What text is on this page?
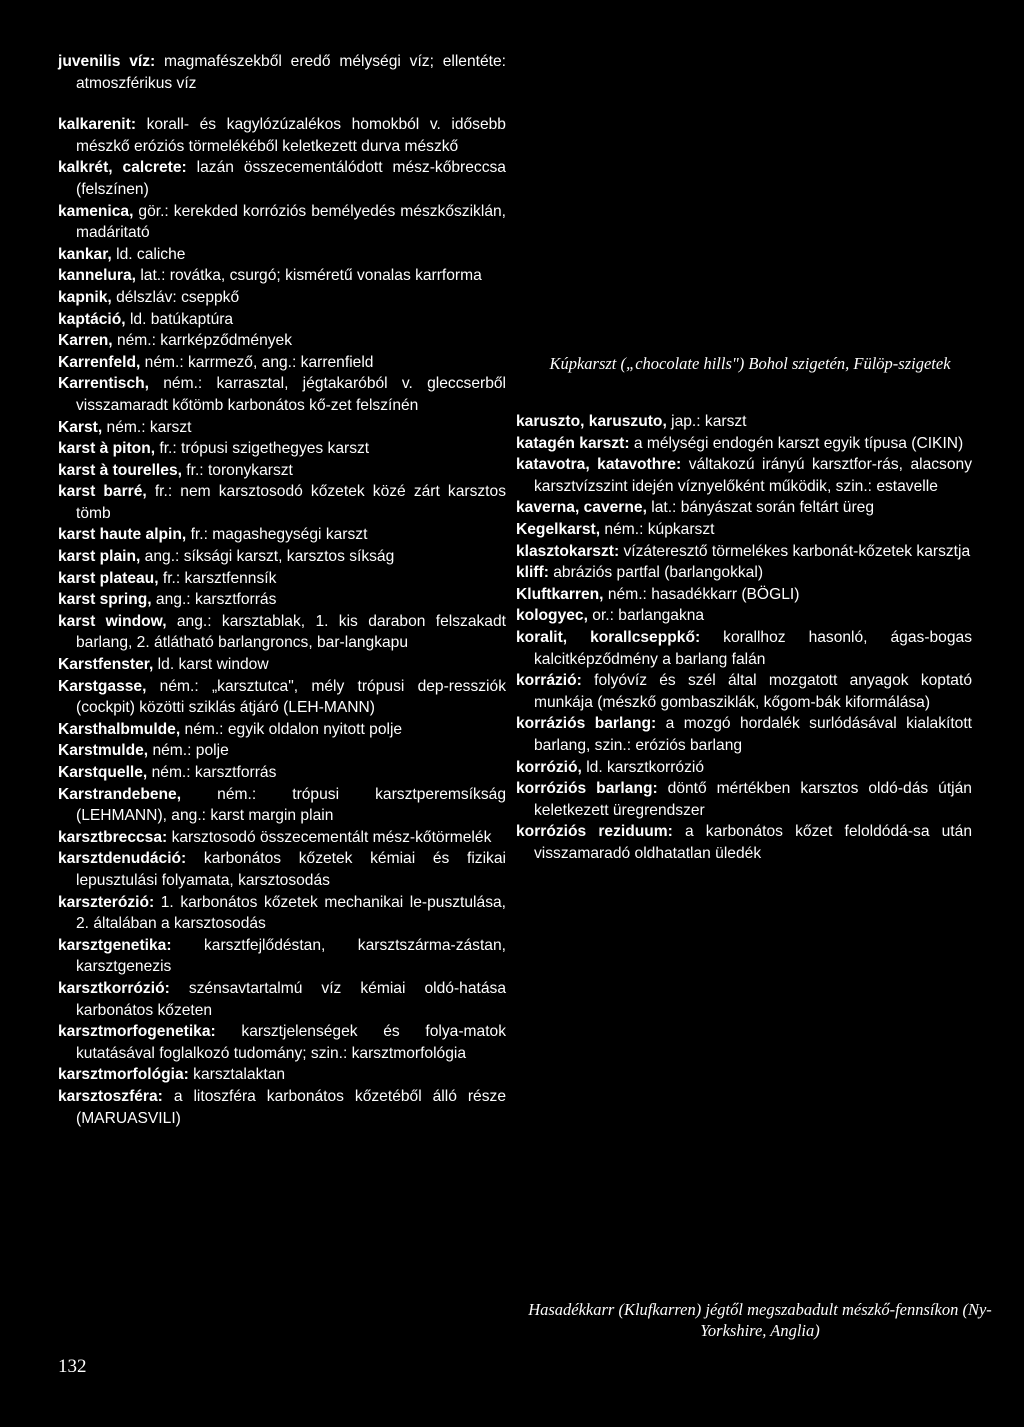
juvenilis víz: magmafészekből eredő mélységi víz; ellentéte: atmoszférikus víz

kalkarenit: korall- és kagylózúzalékos homokból v. idősebb mészkő eróziós törmelékéből keletkezett durva mészkő

kalkrét, calcrete: lazán összecementálódott mész-kőbreccsa (felszínen)

kamenica, gör.: kerekded korróziós bemélyedés mészkősziklán, madáritató

kankar, ld. caliche

kannelura, lat.: rovátka, csurgó; kisméretű vonalas karrforma

kapnik, délszláv: cseppkő

kaptáció, ld. batúkaptúra

Karren, ném.: karrképződmények

Karrenfeld, ném.: karrmező, ang.: karrenfield

Karrentisch, ném.: karrasztal, jégtakaróból v. gleccserből visszamaradt kőtömb karbonátos kő-zet felszínén

Karst, ném.: karszt

karst à piton, fr.: trópusi szigethegyes karszt

karst à tourelles, fr.: toronykarszt

karst barré, fr.: nem karsztosodó kőzetek közé zárt karsztos tömb

karst haute alpin, fr.: magashegységi karszt

karst plain, ang.: síksági karszt, karsztos síkság

karst plateau, fr.: karsztfennsík

karst spring, ang.: karsztforrás

karst window, ang.: karsztablak, 1. kis darabon felszakadt barlang, 2. átlátható barlangroncs, bar-langkapu

Karstfenster, ld. karst window

Karstgasse, ném.: „karsztutca", mély trópusi dep-ressziók (cockpit) közötti sziklás átjáró (LEH-MANN)

Karsthalbmulde, ném.: egyik oldalon nyitott polje

Karstmulde, ném.: polje

Karstquelle, ném.: karsztforrás

Karstrandebene, ném.: trópusi karsztperemsíkság (LEHMANN), ang.: karst margin plain

karsztbreccsa: karsztosodó összecementált mész-kőtörmelék

karsztdenudáció: karbonátos kőzetek kémiai és fizikai lepusztulási folyamata, karsztosodás

karszterózió: 1. karbonátos kőzetek mechanikai le-pusztulása, 2. általában a karsztosodás

karsztgenetika: karsztfejlődéstan, karsztszárma-zástan, karsztgenezis

karsztkorrózió: szénsavtartalmú víz kémiai oldó-hatása karbonátos kőzeten

karsztmorfogenetika: karsztjelenségek és folya-matok kutatásával foglalkozó tudomány; szin.: karsztmorfológia

karsztmorfológia: karsztalaktan

karsztoszféra: a litoszféra karbonátos kőzetéből álló része (MARUASVILI)

Kúpkarszt („chocolate hills") Bohol szigetén, Fülöp-szigetek

karuszto, karuszuto, jap.: karszt

katagén karszt: a mélységi endogén karszt egyik típusa (CIKIN)

katavotra, katavothre: váltakozú irányú karsztfor-rás, alacsony karsztvízszint idején víznyelőként működik, szin.: estavelle

kaverna, caverne, lat.: bányászat során feltárt üreg

Kegelkarst, ném.: kúpkarszt

klasztokarszt: vízáteresztő törmelékes karbonát-kőzetek karsztja

kliff: abráziós partfal (barlangokkal)

Kluftkarren, ném.: hasadékkarr (BÖGLI)

kologyec, or.: barlangakna

koralit, korallcseppkő: korallhoz hasonló, ágas-bogas kalcitképződmény a barlang falán

korrázió: folyóvíz és szél által mozgatott anyagok koptató munkája (mészkő gombasziklák, kőgom-bák kiformálása)

korráziós barlang: a mozgó hordalék surlódásával kialakított barlang, szin.: eróziós barlang

korrózió, ld. karsztkorrózió

korróziós barlang: döntő mértékben karsztos oldó-dás útján keletkezett üregrendszer

korróziós reziduum: a karbonátos kőzet feloldódá-sa után visszamaradó oldhatatlan üledék

Hasadékkarr (Klufkarren) jégtől megszabadult mészkő-fennsíkon (Ny-Yorkshire, Anglia)
132
